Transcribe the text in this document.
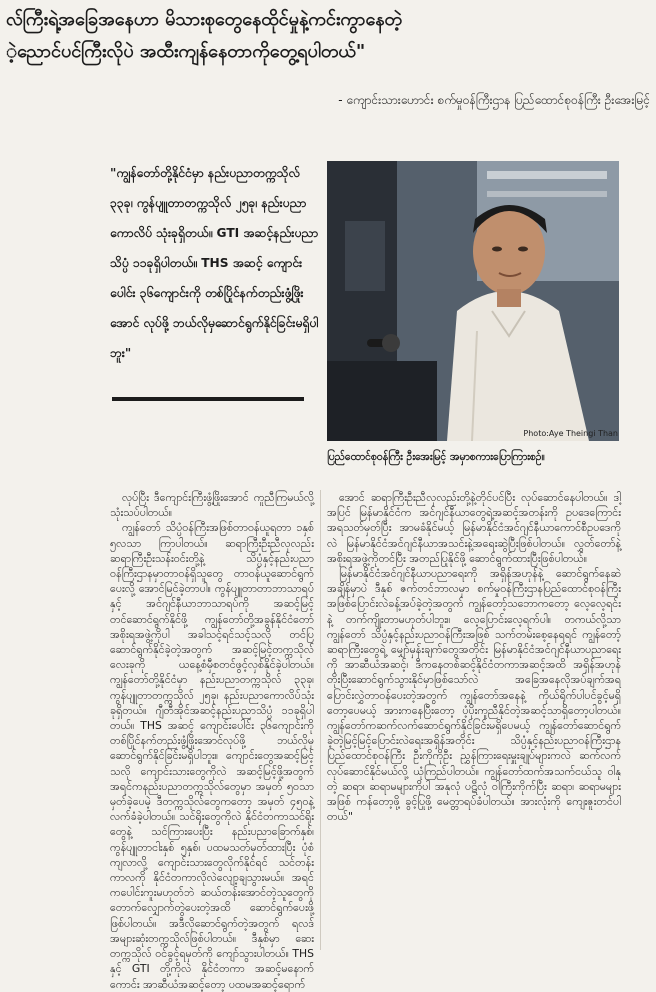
လ်ကြီးရဲ့အခြေအနေဟာ မိသားစုတွေနေထိုင်မှုနဲ့ကင်းကွာနေတဲ့
ဲ့ညောင်ပင်ကြီးလိုပဲ အထီးကျန်နေတာကိုတွေ့ရပါတယ်"
- ကျောင်းသားဟောင်း စက်မှုဝန်ကြီးဌာန ပြည်ထောင်စုဝန်ကြီး ဦးအေးမြင့်
"ကျွန်တော်တို့နိုင်ငံမှာ နည်းပညာတက္ကသိုလ် ၃၃ခု၊ ကွန်ပျူတာတက္ကသိုလ် ၂၅ခု၊ နည်းပညာကောလိပ် သုံးခုရှိတယ်။ GTI အဆင့်နည်းပညာသိပ္ပံ ၁၁ခုရှိပါတယ်။ THS အဆင့် ကျောင်းပေါင်း ၃၆ကျောင်းကို တစ်ပြိုင်နက်တည်းဖွံ့ဖြိုးအောင် လုပ်ဖို့ ဘယ်လိုမှဆောင်ရွက်နိုင်ခြင်းမရှိပါဘူး"
Photo:Aye Theingi Than
ပြည်ထောင်စုဝန်ကြီး ဦးအေးမြင့် အမှာစကားပြောကြားစဉ်။

လုပ်ပြီး ဒီကျောင်းကြီးဖွံ့ဖြိုးအောင် ကူညီကြမယ်လို့သုံးသပ်ပါတယ်။

ကျွန်တော် သိပ္ပံဝန်ကြီးအဖြစ်တာဝန်ယူရတာ ၁နှစ် ၅လသာ ကြာပါတယ်။ ဆရာကြီးဦးညီလှလည်း ဆရာကြီးဦးသန်းဝင်းတို့နဲ့ သိပ္ပံနှင့်နည်းပညာဝန်ကြီးဌာနမှာတာဝန်ရှိသူတွေ တာဝန်ယူဆောင်ရွက်ပေးလို့ အောင်မြင်ခဲ့တာပါ။ ကွန်ပျူတာတာဘာသာရပ်နှင့် အင်ဂျင်နီယာဘာသာရပ်ကို အဆင့်မြင့်တင်ဆောင်ရွက်နိုင်ဖို့ ကျွန်တော်တို့အခွန်နိုင်ငံတော်အစိုးရအဖွဲ့ကိုပါ အခါသင့်ရင်သင့်သလို တင်ပြဆောင်ရွက်နိုင်ခဲ့တဲ့အတွက် အဆင့်မြင့်တက္ကသိုလ်လေးခုကို ယနေ့စံမှီစတင်ဖွင့်လှစ်နိုင်ခဲ့ပါတယ်။ ကျွန်တော်တို့နိုင်ငံမှာ နည်းပညာတက္ကသိုလ် ၃၃ခု၊ ကွန်ပျူတာတက္ကသိုလ် ၂၅ခု၊ နည်းပညာကောလိပ်သုံးခုရှိတယ်။ ဂျီတီအိုင်အဆင့်နည်းပညာသိပ္ပံ ၁၁ခုရှိပါတယ်။ THS အဆင့် ကျောင်းပေါင်း ၃၆ကျောင်းကို တစ်ပြိုင်နက်တည်းဖွံ့ဖြိုးအောင်လုပ်ဖို့ ဘယ်လိုမှဆောင်ရွက်နိုင်ခြင်းမရှိပါဘူး။ ကျောင်းတွေအဆင့်မြင့်သလို ကျောင်းသားတွေကိုလဲ အဆင့်မြင့်ဖို့အတွက် အရင်ကနည်းပညာတက္ကသိုလ်တွေမှာ အမှတ် ၅၀သာမှတ်ခဲ့ပေမဲ့ ဒီတက္ကသိုလ်တွေကတော့ အမှတ် ၄၅၀နဲ့ လက်ခံခဲ့ပါတယ်။ သင်ရိုးတွေကိုလဲ နိုင်ငံတကာသင်ရိုးတွေနဲ့ သင်ကြားပေးပြီး နည်းပညာခြောက်နှစ်၊ ကွန်ပျူတာငါးနှစ် ၅နှစ်၊ ပထမသတ်မှတ်ထားပြီး ပုံစံကျလာလို့ ကျောင်းသားတွေလိုက်နိုင်ရင် သင်တန်းကာလကို နိုင်ငံတကာလိုလဲလျော့ချသွားမယ်။ အရင်ကပေါင်းကူးမဟုတ်ဘဲ ဆယ်တန်းအောင်တဲ့သူတွေကို တောက်လျှောက်တွဲပေးတဲ့အထိ ဆောင်ရွက်ပေးဖို့ဖြစ်ပါတယ်။ အဒီလိုဆောင်ရွက်တဲ့အတွက် ရလဒ်အများဆုံးတက္ကသိုလ်ဖြစ်ပါတယ်။ ဒီနှစ်မှာ ဆေးတက္ကသိုလ် ဝင်ခွင့်ရမှတ်ကို ကျော်သွားပါတယ်။ THS နှင့် GTI တို့ကိုလဲ နိုင်ငံတကာ အဆင့်မနောက်ကောင်း အာဆီယံအဆင့်တော့ ပထမအဆင့်ရောက်

အောင် ဆရာကြီးဦးညီလှလည်းတို့နဲ့တိုင်ပင်ပြီး လုပ်ဆောင်နေပါတယ်။ ဒါ့အပြင် မြန်မာနိုင်ငံက အင်ဂျင်နီယာတွေရဲ့အဆင့်အတန်းကို ဥပဒေကြောင်းအရသတ်မှတ်ပြီး အာမခံနိုင်မယ့် မြန်မာနိုင်ငံအင်ဂျင်နီယာကောင်စီဥပဒေကိုလဲ မြန်မာနိုင်ငံအင်ဂျင်နီယာအသင်းနဲ့အရေးဆွဲပြီးဖြစ်ပါတယ်။ လွှတ်တော်နဲ့ အစိုးရအဖွဲ့ကိုတင်ပြီး အတည်ပြုနိုင်ဖို့ ဆောင်ရွက်ထားပြီးဖြစ်ပါတယ်။

မြန်မာနိုင်ငံအင်ဂျင်နီယာပညာရေးကို အရှိန်အဟုန်နဲ့ ဆောင်ရွက်နေဆဲအချိန်မှာပဲ ဒီနှစ် ဇက်တင်ဘာလမှာ စက်မှုဝန်ကြီးဌာနပြည်ထောင်စုဝန်ကြီးအဖြစ်ပြောင်းလဲခန့်အပ်ခဲ့တဲ့အတွက် ကျွန်တော့်သဘောကတော့ လေ့လေ့ရင်းနဲ့ တက်ကျိုးတာမဟုတ်ပါဘူး။ လေ့ပြောင်းလေ့ရက်ပါ။ တကယ်လို့သာ ကျွန်တော် သိပ္ပံနှင့်နည်းပညာဝန်ကြီးအဖြစ် သက်တမ်းစေ့နေရရင် ကျွန်တော့်ဆရာကြီးတွေရဲ့ မျှော်မှန်းချက်တွေအတိုင်း မြန်မာနိုင်ငံအင်ဂျင်နီယာပညာရေးကို အာဆီယံအဆင့်၊ ဒီကနေတစ်ဆင့်နိုင်ငံတကာအဆင့်အထိ အရှိန်အဟုန်တိုးပြီးဆောင်ရွက်သွားနိုင်မှာဖြစ်သော်လဲ အခြေအနေလိုအပ်ချက်အရ ပြောင်းလွှဲတာဝန်ပေးတဲ့အတွက် ကျွန်တော်အနေနဲ့ ကိုယ်ရိုက်ပါပင်ခွင့်မရှိတော့ပေမယ့် အားကနေပြီးတော့ ပံ့ပိုးကူညီနိုင်တဲ့အဆင့်သာရှိတော့ပါတယ်။ ကျွန်တော်ကဆက်လက်ဆောင်ရွက်နိုင်ခြင်းမရှိပေမယ့် ကျွန်တော်ဆောင်ရွက်ခဲ့တဲ့မြင့်မြင့်ပြောင်းလဲရေးအရှိန်အတိုင်း သိပ္ပံနှင့်နည်းပညာဝန်ကြီးဌာန ပြည်ထောင်စုဝန်ကြီး ဦးကိုကိုဦး ညွှန်ကြားရေးမှူးချုပ်များကလဲ ဆက်လက်လုပ်ဆောင်နိုင်မယ်လို့ ယုံကြည်ပါတယ်။ ကျွန်တော်ထက်အသက်ငယ်သူ ဝါနုတဲ့ ဆရာ၊ ဆရာမများကိုပါ အနုလုံ ပဋိလုံ ဝါကြီးကိုက်ပြီး ဆရာ၊ ဆရာမများအဖြစ် ကန်တော့ဖို့ ခွင့်ပြုဖို့ မေတ္တာရပ်ခံပါတယ်။ အားလုံးကို ကျေးဇူးတင်ပါတယ်"
